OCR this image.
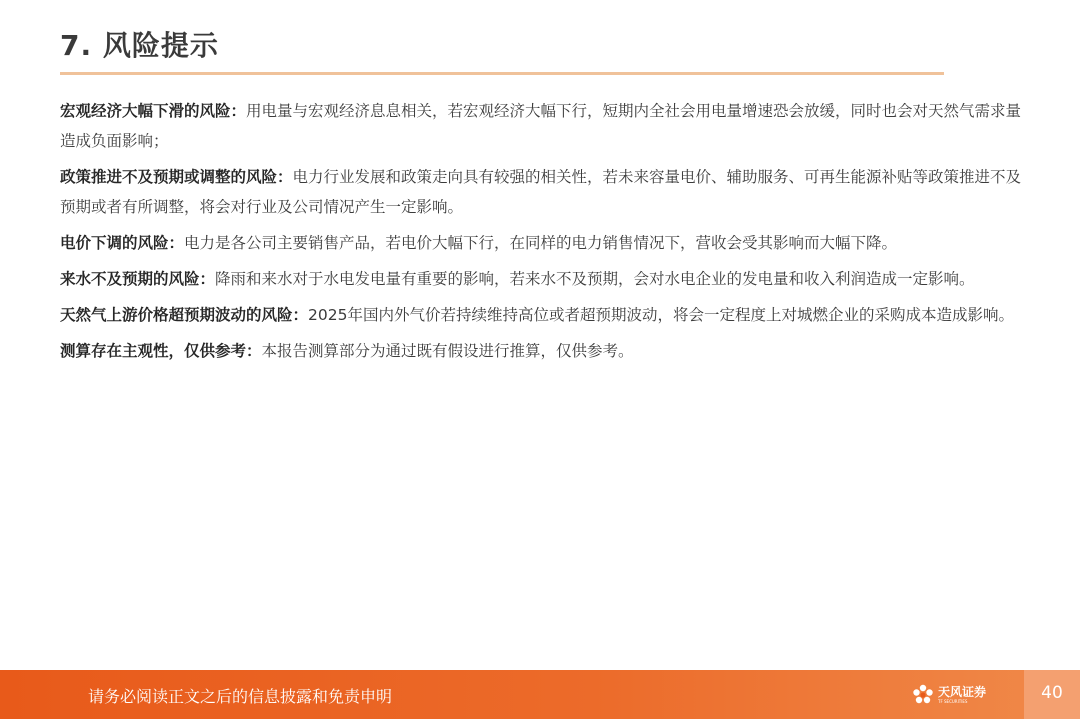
7. 风险提示
宏观经济大幅下滑的风险：用电量与宏观经济息息相关，若宏观经济大幅下行，短期内全社会用电量增速恐会放缓，同时也会对天然气需求量造成负面影响；
政策推进不及预期或调整的风险：电力行业发展和政策走向具有较强的相关性，若未来容量电价、辅助服务、可再生能源补贴等政策推进不及预期或者有所调整，将会对行业及公司情况产生一定影响。
电价下调的风险：电力是各公司主要销售产品，若电价大幅下行，在同样的电力销售情况下，营收会受其影响而大幅下降。
来水不及预期的风险：降雨和来水对于水电发电量有重要的影响，若来水不及预期，会对水电企业的发电量和收入利润造成一定影响。
天然气上游价格超预期波动的风险：2025年国内外气价若持续维持高位或者超预期波动，将会一定程度上对城燃企业的采购成本造成影响。
测算存在主观性，仅供参考：本报告测算部分为通过既有假设进行推算，仅供参考。
请务必阅读正文之后的信息披露和免责申明	天风证券
TF SECURITIES	40
